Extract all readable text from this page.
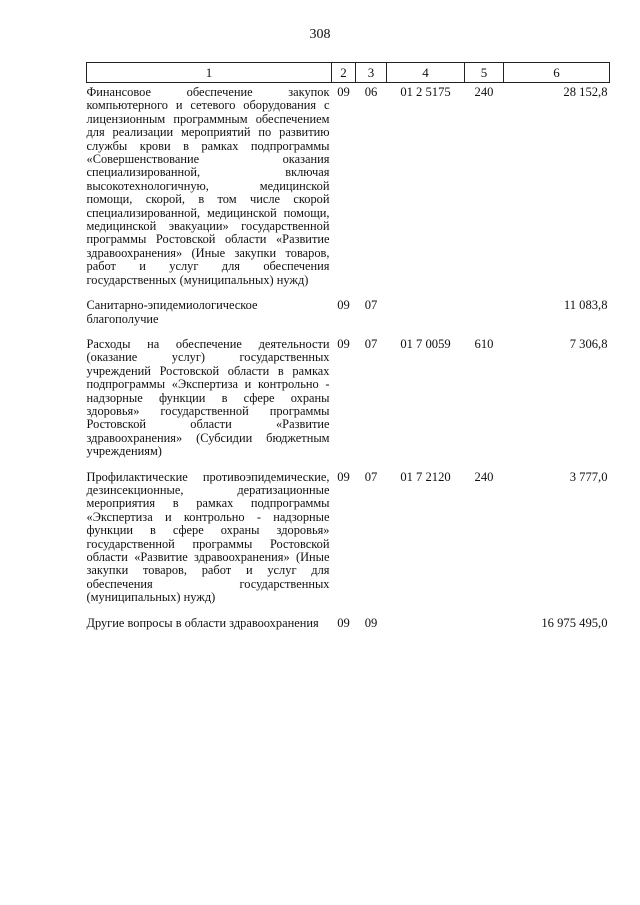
308
1	2	3	4	5	6
Финансовое обеспечение закупок компьютерного и сетевого оборудования с лицензионным программным обеспечением для реализации мероприятий по развитию службы крови в рамках подпрограммы «Совершенствование оказания специализированной, включая высокотехнологичную, медицинской помощи, скорой, в том числе скорой специализированной, медицинской помощи, медицинской эвакуации» государственной программы Ростовской области «Развитие здравоохранения» (Иные закупки товаров, работ и услуг для обеспечения государственных (муниципальных) нужд)	09	06	01 2 5175	240	28 152,8
Санитарно-эпидемиологическое благополучие	09	07			11 083,8
Расходы на обеспечение деятельности (оказание услуг) государственных учреждений Ростовской области в рамках подпрограммы «Экспертиза и контрольно - надзорные функции в сфере охраны здоровья» государственной программы Ростовской области «Развитие здравоохранения» (Субсидии бюджетным учреждениям)	09	07	01 7 0059	610	7 306,8
Профилактические противоэпидемические, дезинсекционные, дератизационные мероприятия в рамках подпрограммы «Экспертиза и контрольно - надзорные функции в сфере охраны здоровья» государственной программы Ростовской области «Развитие здравоохранения» (Иные закупки товаров, работ и услуг для обеспечения государственных (муниципальных) нужд)	09	07	01 7 2120	240	3 777,0
Другие вопросы в области здравоохранения	09	09			16 975 495,0
